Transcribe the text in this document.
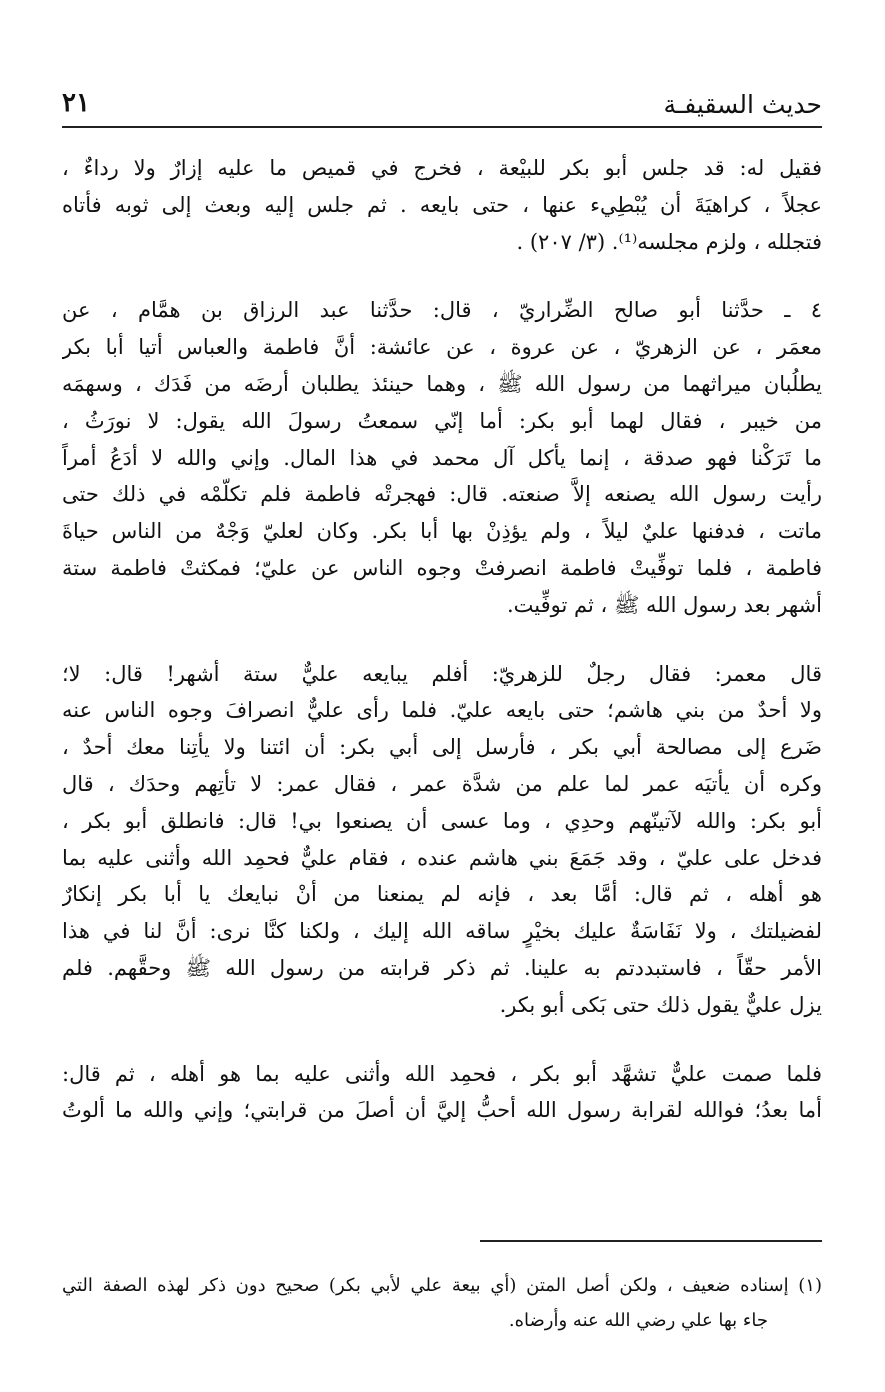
حديث السقيفـة
٢١
فقيل له: قد جلس أبو بكر للبيْعة ، فخرج في قميص ما عليه إزارٌ ولا رداءٌ ،
عجلاً ، كراهيَةَ أن يُبْطِيء عنها ، حتى بايعه . ثم جلس إليه وبعث إلى ثوبه فأتاه
فتجلله ، ولزم مجلسه⁽¹⁾. (٣/ ٢٠٧) .
٤ ـ حدَّثنا أبو صالح الضِّراريّ ، قال: حدَّثنا عبد الرزاق بن همَّام ، عن
معمَر ، عن الزهريّ ، عن عروة ، عن عائشة: أنَّ فاطمة والعباس أتيا أبا بكر
يطلُبان ميراثهما من رسول الله ﷺ ، وهما حينئذ يطلبان أرضَه من فَدَك ، وسهمَه
من خيبر ، فقال لهما أبو بكر: أما إنّي سمعتُ رسولَ الله يقول: لا نورَثُ ،
ما تَرَكْنا فهو صدقة ، إنما يأكل آل محمد في هذا المال. وإني والله لا أدَعُ أمراً
رأيت رسول الله يصنعه إلاَّ صنعته. قال: فهجرتْه فاطمة فلم تكلّمْه في ذلك حتى
ماتت ، فدفنها عليٌ ليلاً ، ولم يؤذِنْ بها أبا بكر. وكان لعليّ وَجْهٌ من الناس حياةَ
فاطمة ، فلما توفِّيتْ فاطمة انصرفتْ وجوه الناس عن عليّ؛ فمكثتْ فاطمة ستة
أشهر بعد رسول الله ﷺ ، ثم توفِّيت.
قال معمر: فقال رجلٌ للزهريّ: أفلم يبايعه عليٌّ ستة أشهر! قال: لا؛
ولا أحدٌ من بني هاشم؛ حتى بايعه عليّ. فلما رأى عليٌّ انصرافَ وجوه الناس عنه
ضَرع إلى مصالحة أبي بكر ، فأرسل إلى أبي بكر: أن ائتنا ولا يأتِنا معك أحدٌ ،
وكره أن يأتيَه عمر لما علم من شدَّة عمر ، فقال عمر: لا تأتِهم وحدَك ، قال
أبو بكر: والله لآتينّهم وحدِي ، وما عسى أن يصنعوا بي! قال: فانطلق أبو بكر ،
فدخل على عليّ ، وقد جَمَعَ بني هاشم عنده ، فقام عليٌّ فحمِد الله وأثنى عليه بما
هو أهله ، ثم قال: أمَّا بعد ، فإنه لم يمنعنا من أنْ نبايعك يا أبا بكر إنكارٌ
لفضيلتك ، ولا نَفَاسَةٌ عليك بخيْرٍ ساقه الله إليك ، ولكنا كنَّا نرى: أنَّ لنا في هذا
الأمر حقّاً ، فاستبددتم به علينا. ثم ذكر قرابته من رسول الله ﷺ وحقَّهم. فلم
يزل عليٌّ يقول ذلك حتى بَكى أبو بكر.
فلما صمت عليٌّ تشهَّد أبو بكر ، فحمِد الله وأثنى عليه بما هو أهله ، ثم قال:
أما بعدُ؛ فوالله لقرابة رسول الله أحبُّ إليَّ أن أصلَ من قرابتي؛ وإني والله ما ألوتُ
(١) إسناده ضعيف ، ولكن أصل المتن (أي بيعة علي لأبي بكر) صحيح دون ذكر لهذه الصفة التي
جاء بها علي رضي الله عنه وأرضاه.
